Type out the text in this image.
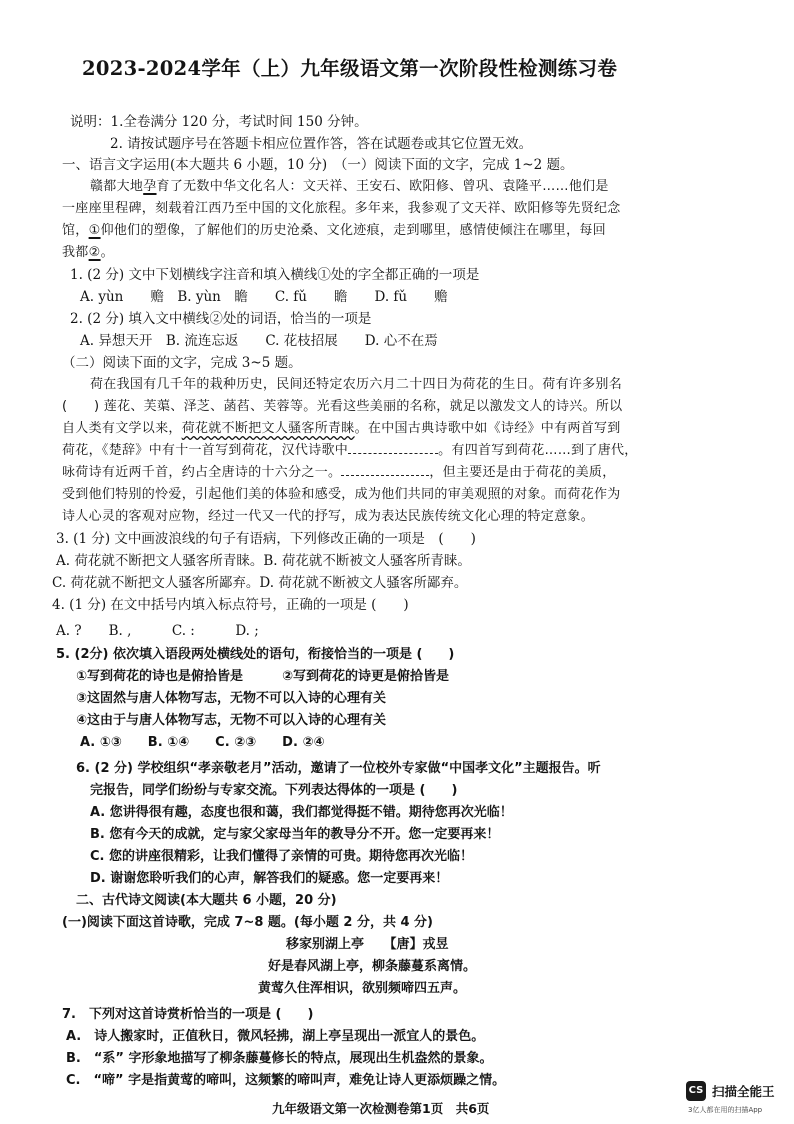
2023-2024学年（上）九年级语文第一次阶段性检测练习卷
说明：1.全卷满分 120 分，考试时间 150 分钟。
2. 请按试题序号在答题卡相应位置作答，答在试题卷或其它位置无效。
一、语言文字运用(本大题共 6 小题，10 分)　（一）阅读下面的文字，完成 1~2 题。
赣都大地孕育了无数中华文化名人：文天祥、王安石、欧阳修、曾巩、袁隆平……他们是
一座座里程碑，刻载着江西乃至中国的文化旅程。多年来，我参观了文天祥、欧阳修等先贤纪念
馆，①仰他们的塑像，了解他们的历史沧桑、文化迹痕，走到哪里，感情使倾注在哪里，每回
我都②。
1. (2 分) 文中下划横线字注音和填入横线①处的字全都正确的一项是
A. yùn　　赡　B. yùn　瞻　　C. fǔ　　瞻　　D. fǔ　　赡
2. (2 分) 填入文中横线②处的词语，恰当的一项是
A. 异想天开　B. 流连忘返　　C. 花枝招展　　D. 心不在焉
（二）阅读下面的文字，完成 3~5 题。
荷在我国有几千年的栽种历史，民间还特定农历六月二十四日为荷花的生日。荷有许多别名
(　　) 莲花、芙蕖、泽芝、菡萏、芙蓉等。光看这些美丽的名称，就足以激发文人的诗兴。所以
自人类有文学以来，荷花就不断把文人骚客所青睐。在中国古典诗歌中如《诗经》中有两首写到
荷花，《楚辞》中有十一首写到荷花，汉代诗歌中	。有四首写到荷花……到了唐代，
咏荷诗有近两千首，约占全唐诗的十六分之一。	，但主要还是由于荷花的美质，
受到他们特别的怜爱，引起他们美的体验和感受，成为他们共同的审美观照的对象。而荷花作为
诗人心灵的客观对应物，经过一代又一代的抒写，成为表达民族传统文化心理的特定意象。
3. (1 分) 文中画波浪线的句子有语病，下列修改正确的一项是　(　　)
A. 荷花就不断把文人骚客所青睐。B. 荷花就不断被文人骚客所青睐。
C. 荷花就不断把文人骚客所鄙弃。D. 荷花就不断被文人骚客所鄙弃。
4. (1 分) 在文中括号内填入标点符号，正确的一项是 (　　)
A. ?　　B. ,　　　C. :　　　D. ;
5. (2分) 依次填入语段两处横线处的语句，衔接恰当的一项是 (　　)
①写到荷花的诗也是俯拾皆是　　　②写到荷花的诗更是俯拾皆是
③这固然与唐人体物写志，无物不可以入诗的心理有关
④这由于与唐人体物写志，无物不可以入诗的心理有关
A. ①③　　B. ①④　　C. ②③　　D. ②④
6. (2 分) 学校组织“孝亲敬老月”活动，邀请了一位校外专家做“中国孝文化”主题报告。听
完报告，同学们纷纷与专家交流。下列表达得体的一项是 (　　)
A. 您讲得很有趣，态度也很和蔼，我们都觉得挺不错。期待您再次光临！
B. 您有今天的成就，定与家父家母当年的教导分不开。您一定要再来！
C. 您的讲座很精彩，让我们懂得了亲情的可贵。期待您再次光临！
D. 谢谢您聆听我们的心声，解答我们的疑惑。您一定要再来！
二、古代诗文阅读(本大题共 6 小题，20 分)
(一)阅读下面这首诗歌，完成 7~8 题。(每小题 2 分，共 4 分)
移家别湖上亭　　【唐】戎昱
好是春风湖上亭，柳条藤蔓系离情。
黄莺久住浑相识，欲别频啼四五声。
7.　下列对这首诗赏析恰当的一项是 (　　)
A.　诗人搬家时，正值秋日，微风轻拂，湖上亭呈现出一派宜人的景色。
B.　“系” 字形象地描写了柳条藤蔓修长的特点，展现出生机盎然的景象。
C.　“啼” 字是指黄莺的啼叫，这频繁的啼叫声，难免让诗人更添烦躁之情。
九年级语文第一次检测卷第1页　共6页
CS 扫描全能王
3亿人都在用的扫描App
